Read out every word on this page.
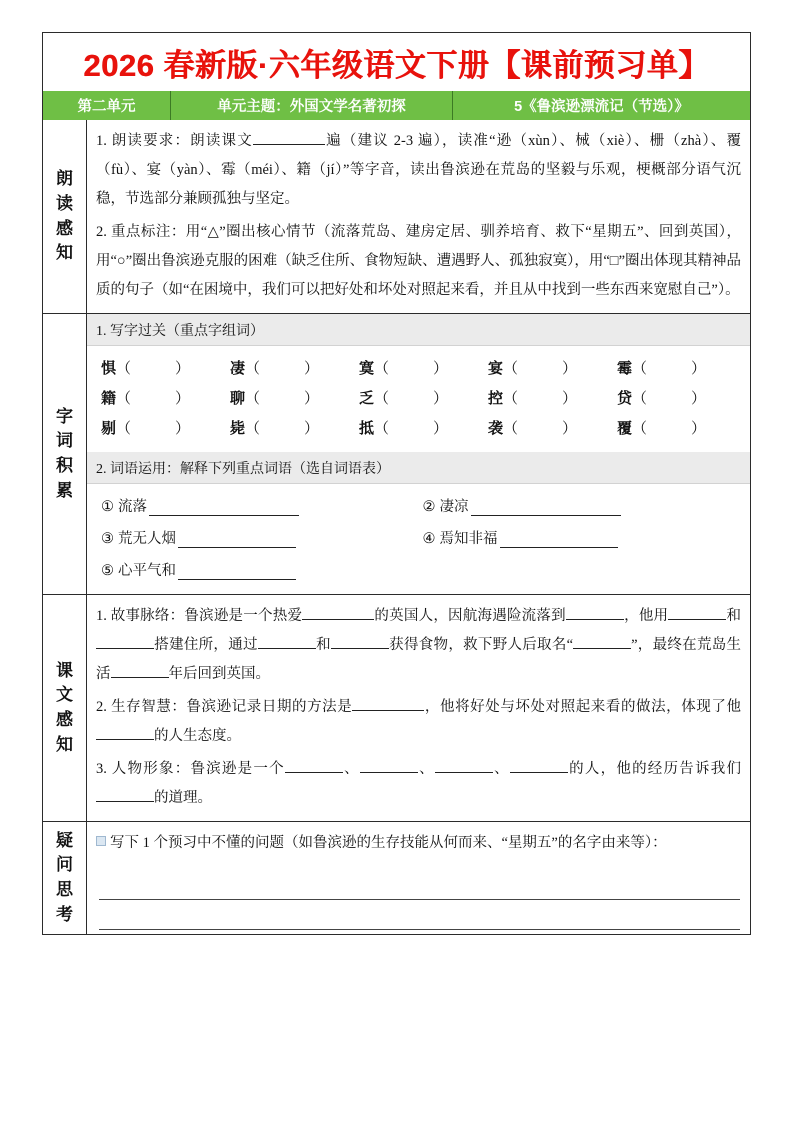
2026 春新版·六年级语文下册【课前预习单】
第二单元	单元主题：外国文学名著初探	5《鲁滨逊漂流记（节选）》
朗
读
感
知
1. 朗读要求：朗读课文	遍（建议 2-3 遍），读准“逊（xùn）、械（xiè）、栅（zhà）、覆（fù）、宴（yàn）、霉（méi）、籍（jí）”等字音，读出鲁滨逊在荒岛的坚毅与乐观，梗概部分语气沉稳，节选部分兼顾孤独与坚定。
2. 重点标注：用“△”圈出核心情节（流落荒岛、建房定居、驯养培育、救下“星期五”、回到英国），用“○”圈出鲁滨逊克服的困难（缺乏住所、食物短缺、遭遇野人、孤独寂寞），用“□”圈出体现其精神品质的句子（如“在困境中，我们可以把好处和坏处对照起来看，并且从中找到一些东西来宽慰自己”）。
字
词
积
累
1. 写字过关（重点字组词）
惧（	）	凄（	）	寞（	）	宴（	）	霉（	）
籍（	）	聊（	）	乏（	）	控（	）	贷（	）
剔（	）	毙（	）	抵（	）	袭（	）	覆（	）
2. 词语运用：解释下列重点词语（选自词语表）
① 流落	② 凄凉
③ 荒无人烟	④ 焉知非福
⑤ 心平气和
课
文
感
知
1. 故事脉络：鲁滨逊是一个热爱	的英国人，因航海遇险流落到	，他用	和搭建住所，通过	和	获得食物，救下野人后取名“	”，最终在荒岛生活	年后回到英国。
2. 生存智慧：鲁滨逊记录日期的方法是	，他将好处与坏处对照起来看的做法，体现了他的人生态度。
3. 人物形象：鲁滨逊是一个	、	、	、	的人，他的经历告诉我们的道理。
疑
问
思
考
写下 1 个预习中不懂的问题（如鲁滨逊的生存技能从何而来、“星期五”的名字由来等）：
